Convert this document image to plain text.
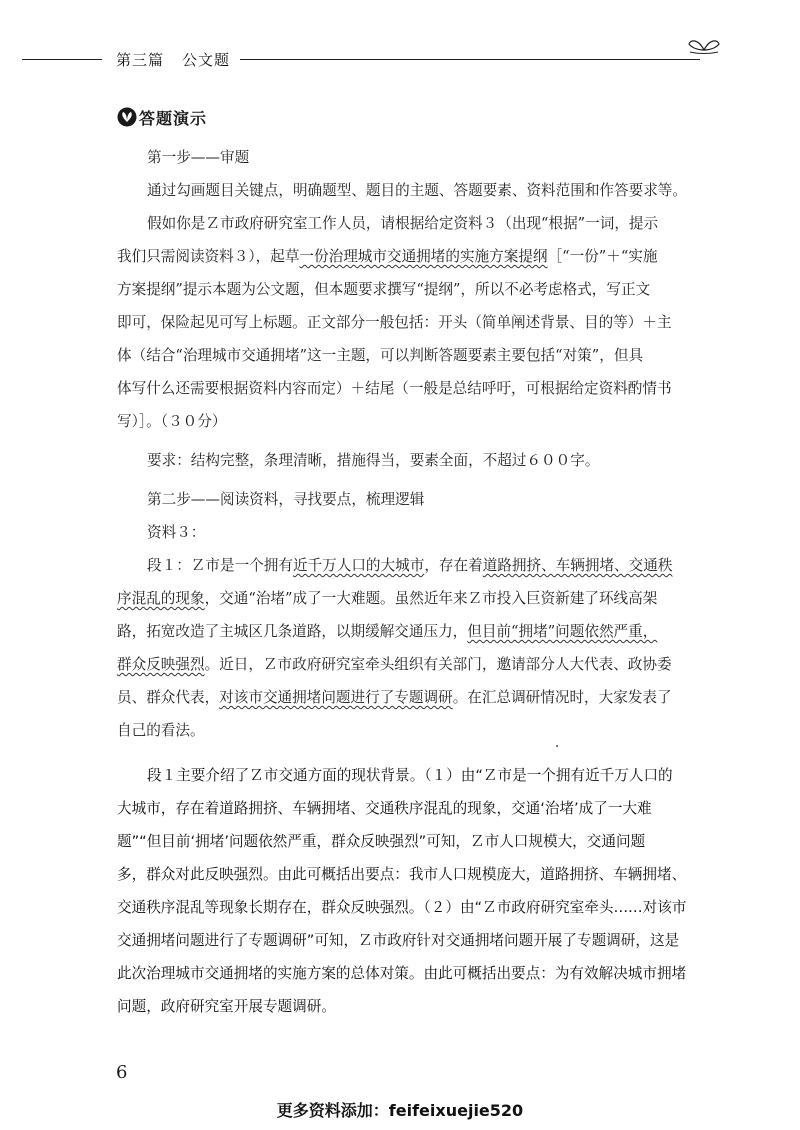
第三篇 公文题
答题演示
第一步——审题
通过勾画题目关键点，明确题型、题目的主题、答题要素、资料范围和作答要求等。
假如你是Ｚ市政府研究室工作人员，请根据给定资料３（出现“根据”一词，提示
我们只需阅读资料３），起草一份治理城市交通拥堵的实施方案提纲［“一份”＋“实施
方案提纲”提示本题为公文题，但本题要求撰写“提纲”，所以不必考虑格式，写正文
即可，保险起见可写上标题。正文部分一般包括：开头（简单阐述背景、目的等）＋主
体（结合“治理城市交通拥堵”这一主题，可以判断答题要素主要包括“对策”，但具
体写什么还需要根据资料内容而定）＋结尾（一般是总结呼吁，可根据给定资料酌情书
写）］。（３０分）
要求：结构完整，条理清晰，措施得当，要素全面，不超过６００字。
第二步——阅读资料，寻找要点，梳理逻辑
资料３：
段１：Ｚ市是一个拥有近千万人口的大城市，存在着道路拥挤、车辆拥堵、交通秩
序混乱的现象，交通“治堵”成了一大难题。虽然近年来Ｚ市投入巨资新建了环线高架
路，拓宽改造了主城区几条道路，以期缓解交通压力，但目前“拥堵”问题依然严重，
群众反映强烈。近日，Ｚ市政府研究室牵头组织有关部门，邀请部分人大代表、政协委
员、群众代表，对该市交通拥堵问题进行了专题调研。在汇总调研情况时，大家发表了
自己的看法。
段１主要介绍了Ｚ市交通方面的现状背景。（１）由“Ｚ市是一个拥有近千万人口的
大城市，存在着道路拥挤、车辆拥堵、交通秩序混乱的现象，交通‘治堵’成了一大难
题”“但目前‘拥堵’问题依然严重，群众反映强烈”可知，Ｚ市人口规模大，交通问题
多，群众对此反映强烈。由此可概括出要点：我市人口规模庞大，道路拥挤、车辆拥堵、
交通秩序混乱等现象长期存在，群众反映强烈。（２）由“Ｚ市政府研究室牵头……对该市
交通拥堵问题进行了专题调研”可知，Ｚ市政府针对交通拥堵问题开展了专题调研，这是
此次治理城市交通拥堵的实施方案的总体对策。由此可概括出要点：为有效解决城市拥堵
问题，政府研究室开展专题调研。
6
更多资料添加：feifeixuejie520
